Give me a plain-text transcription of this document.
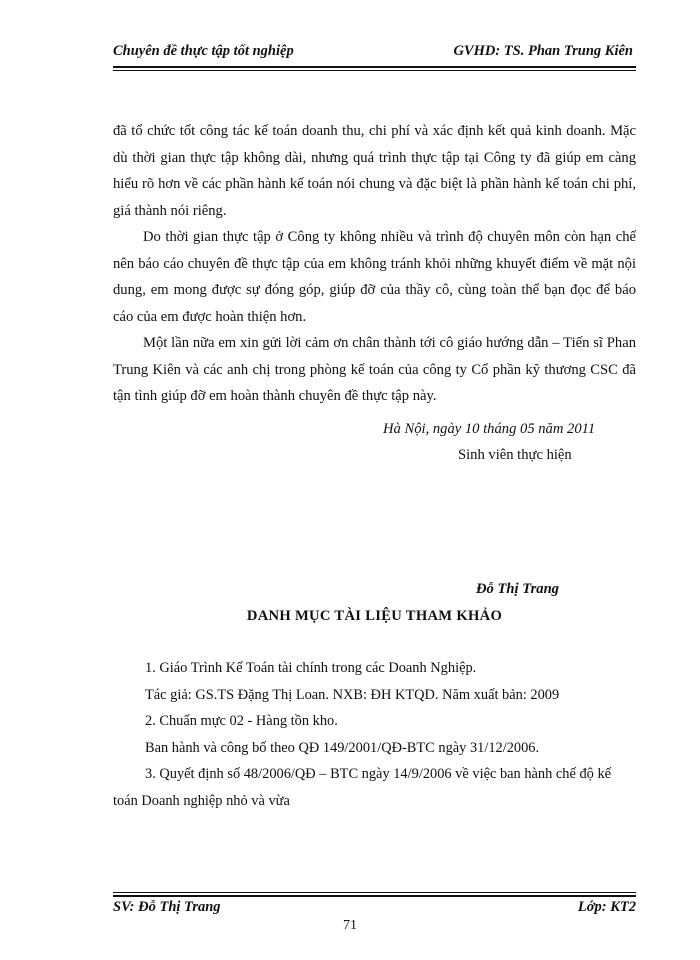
Chuyên đề thực tập tốt nghiệp	GVHD: TS. Phan Trung Kiên

đã tổ chức tốt công tác kế toán doanh thu, chi phí và xác định kết quả kinh doanh. Mặc dù thời gian thực tập không dài, nhưng quá trình thực tập tại Công ty đã giúp em càng hiểu rõ hơn về các phần hành kế toán nói chung và đặc biệt là phần hành kế toán chi phí, giá thành nói riêng.

Do thời gian thực tập ở Công ty không nhiều và trình độ chuyên môn còn hạn chế nên báo cáo chuyên đề thực tập của em không tránh khỏi những khuyết điểm về mặt nội dung, em mong được sự đóng góp, giúp đỡ của thầy cô, cùng toàn thể bạn đọc để báo cáo của em được hoàn thiện hơn.

Một lần nữa em xin gửi lời cảm ơn chân thành tới cô giáo hướng dẫn – Tiến sĩ Phan Trung Kiên và các anh chị trong phòng kế toán của công ty Cổ phần kỹ thương CSC đã tận tình giúp đỡ em hoàn thành chuyên đề thực tập này.

Hà Nội, ngày 10 tháng 05 năm 2011
Sinh viên thực hiện
Đỗ Thị Trang
DANH MỤC TÀI LIỆU THAM KHẢO
1. Giáo Trình Kế Toán tài chính trong các Doanh Nghiệp.
Tác giả: GS.TS Đặng Thị Loan. NXB: ĐH KTQD. Năm xuất bản: 2009
2. Chuẩn mực 02 - Hàng tồn kho.
Ban hành và công bố theo QĐ 149/2001/QĐ-BTC ngày 31/12/2006.
3. Quyết định số 48/2006/QĐ – BTC ngày 14/9/2006 về việc ban hành chế độ kế
toán Doanh nghiệp nhỏ và vừa
SV: Đỗ Thị Trang	Lớp: KT2
71
